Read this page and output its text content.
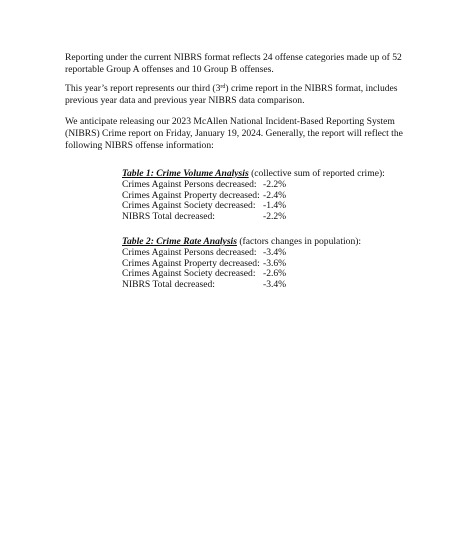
Reporting under the current NIBRS format reflects 24 offense categories made up of 52 reportable Group A offenses and 10 Group B offenses.

This year’s report represents our third (3rd) crime report in the NIBRS format, includes previous year data and previous year NIBRS data comparison.

We anticipate releasing our 2023 McAllen National Incident-Based Reporting System (NIBRS) Crime report on Friday, January 19, 2024. Generally, the report will reflect the following NIBRS offense information:

Table 1: Crime Volume Analysis (collective sum of reported crime):
Crimes Against Persons decreased: -2.2%
Crimes Against Property decreased: -2.4%
Crimes Against Society decreased: -1.4%
NIBRS Total decreased:	-2.2%
Table 2: Crime Rate Analysis (factors changes in population):
Crimes Against Persons decreased: -3.4%
Crimes Against Property decreased: -3.6%
Crimes Against Society decreased: -2.6%
NIBRS Total decreased:	-3.4%
